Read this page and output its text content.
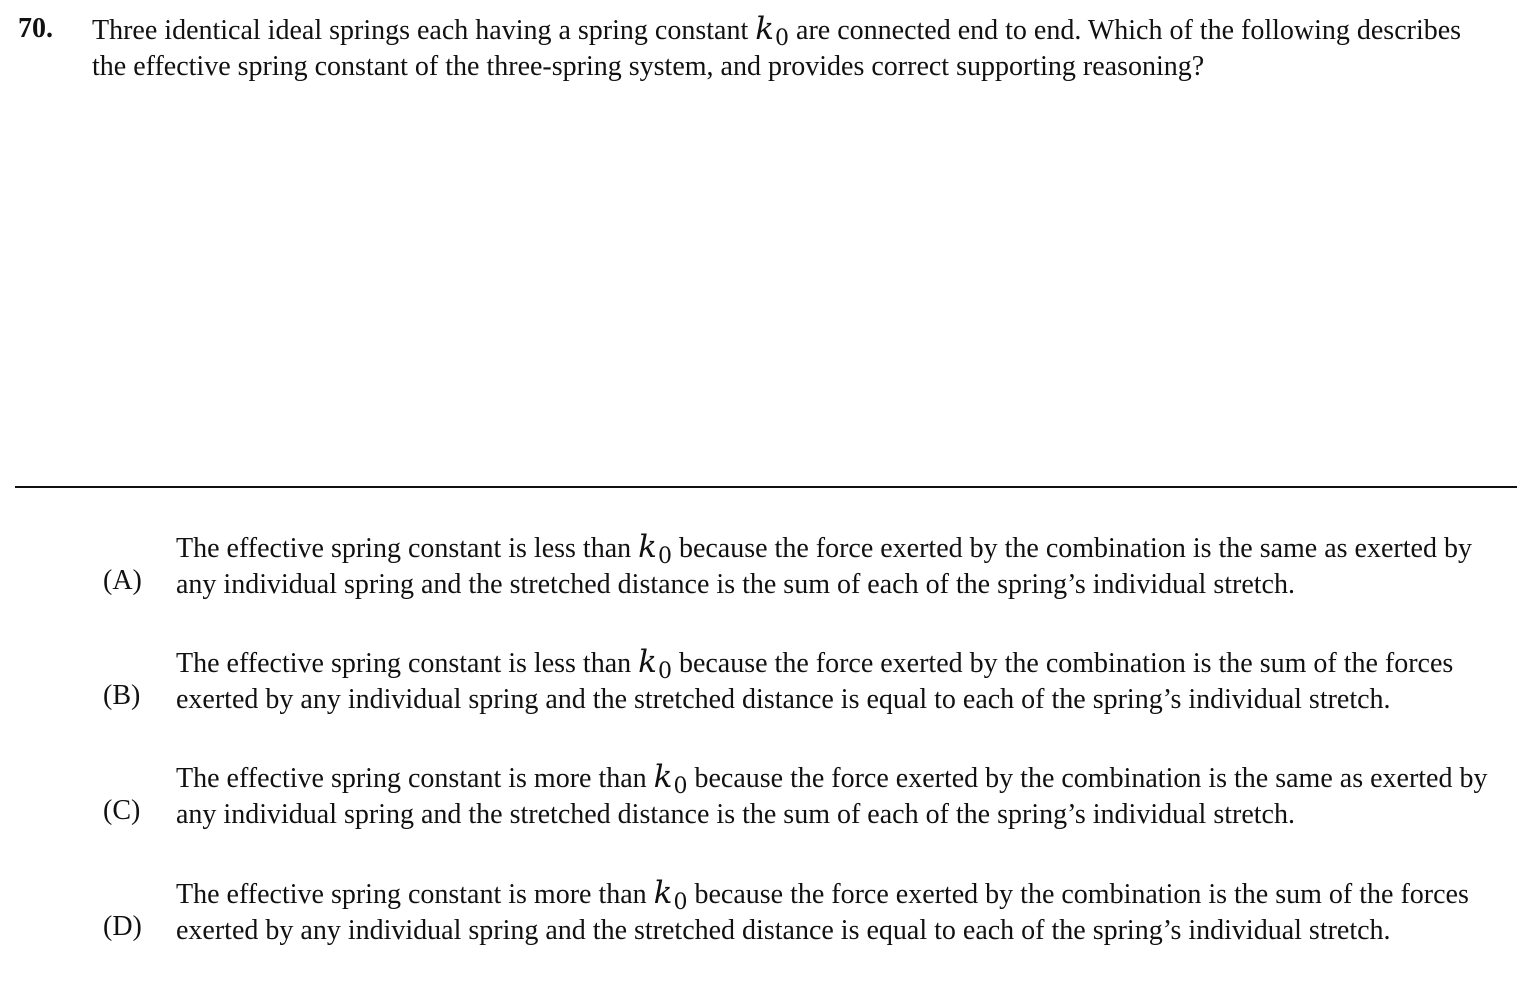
70. Three identical ideal springs each having a spring constant k0 are connected end to end. Which of the following describes the effective spring constant of the three-spring system, and provides correct supporting reasoning?
(A)
The effective spring constant is less than k0 because the force exerted by the combination is the same as exerted by any individual spring and the stretched distance is the sum of each of the spring’s individual stretch.
(B)
The effective spring constant is less than k0 because the force exerted by the combination is the sum of the forces exerted by any individual spring and the stretched distance is equal to each of the spring’s individual stretch.
(C)
The effective spring constant is more than k0 because the force exerted by the combination is the same as exerted by any individual spring and the stretched distance is the sum of each of the spring’s individual stretch.
(D)
The effective spring constant is more than k0 because the force exerted by the combination is the sum of the forces exerted by any individual spring and the stretched distance is equal to each of the spring’s individual stretch.
